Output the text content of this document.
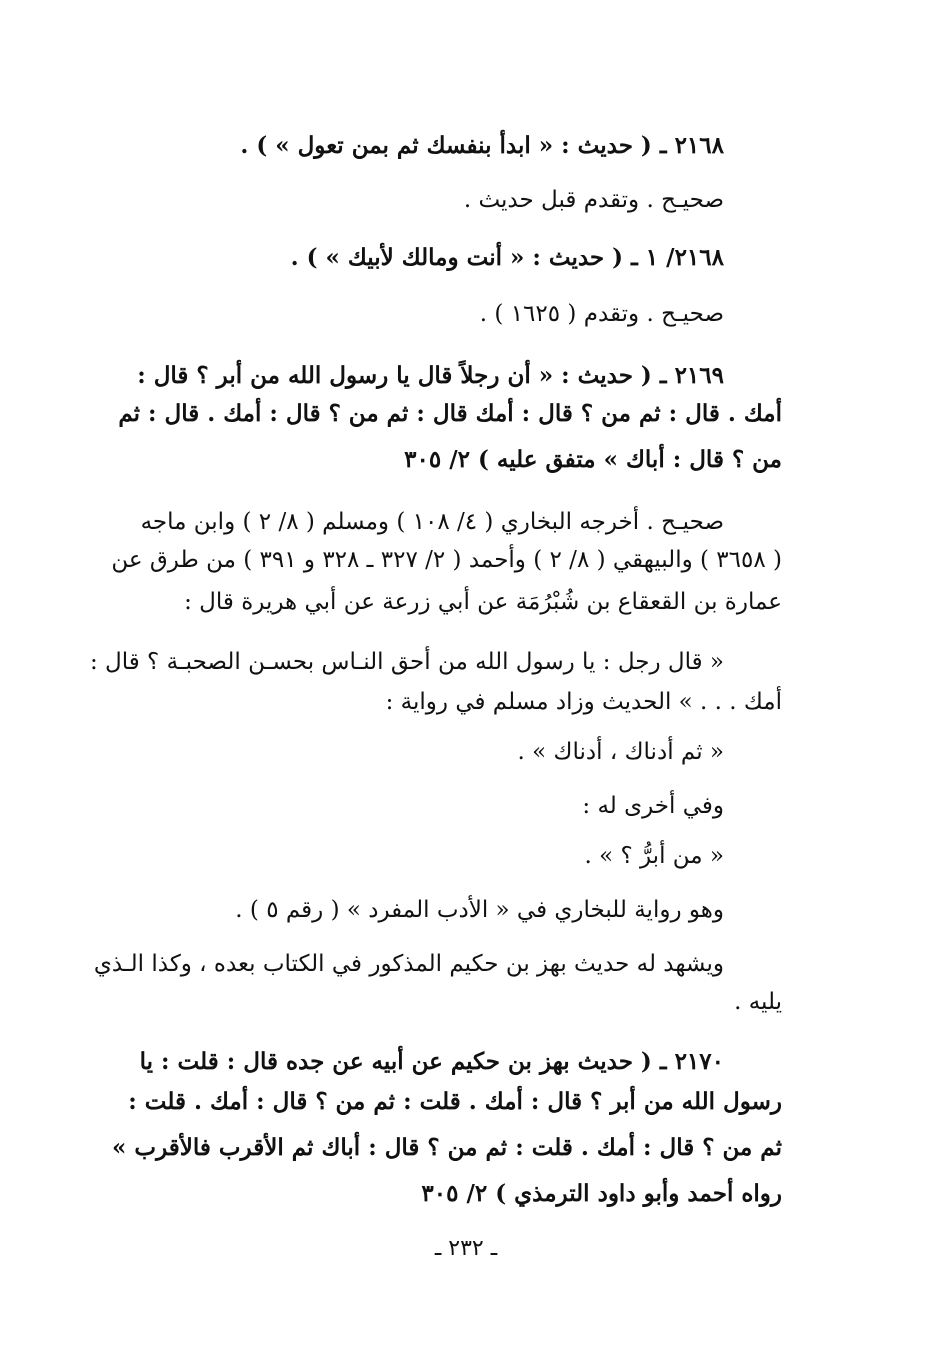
٢١٦٨ ـ ( حديث : « ابدأ بنفسك ثم بمن تعول » ) .
صحيـح . وتقدم قبل حديث .
٢١٦٨/ ١ ـ ( حديث : « أنت ومالك لأبيك » ) .
صحيـح . وتقدم ( ١٦٢٥ ) .
٢١٦٩ ـ ( حديث : « أن رجلاً قال يا رسول الله من أبر ؟ قال :
أمك . قال : ثم من ؟ قال : أمك قال : ثم من ؟ قال : أمك . قال : ثم
من ؟ قال : أباك » متفق عليه ) ٢/ ٣٠٥
صحيـح . أخرجه البخاري ( ٤/ ١٠٨ ) ومسلم ( ٨/ ٢ ) وابن ماجه
( ٣٦٥٨ ) والبيهقي ( ٨/ ٢ ) وأحمد ( ٢/ ٣٢٧ ـ ٣٢٨ و ٣٩١ ) من طرق عن
عمارة بن القعقاع بن شُبْرُمَة عن أبي زرعة عن أبي هريرة قال :
« قال رجل : يا رسول الله من أحق النـاس بحسـن الصحبـة ؟ قال :
أمك . . . » الحديث وزاد مسلم في رواية :
« ثم أدناك ، أدناك » .
وفي أخرى له :
« من أبرُّ ؟ » .
وهو رواية للبخاري في « الأدب المفرد » ( رقم ٥ ) .
ويشهد له حديث بهز بن حكيم المذكور في الكتاب بعده ، وكذا الـذي
يليه .
٢١٧٠ ـ ( حديث بهز بن حكيم عن أبيه عن جده قال : قلت : يا
رسول الله من أبر ؟ قال : أمك . قلت : ثم من ؟ قال : أمك . قلت :
ثم من ؟ قال : أمك . قلت : ثم من ؟ قال : أباك ثم الأقرب فالأقرب »
رواه أحمد وأبو داود الترمذي ) ٢/ ٣٠٥
ـ ٢٣٢ ـ
